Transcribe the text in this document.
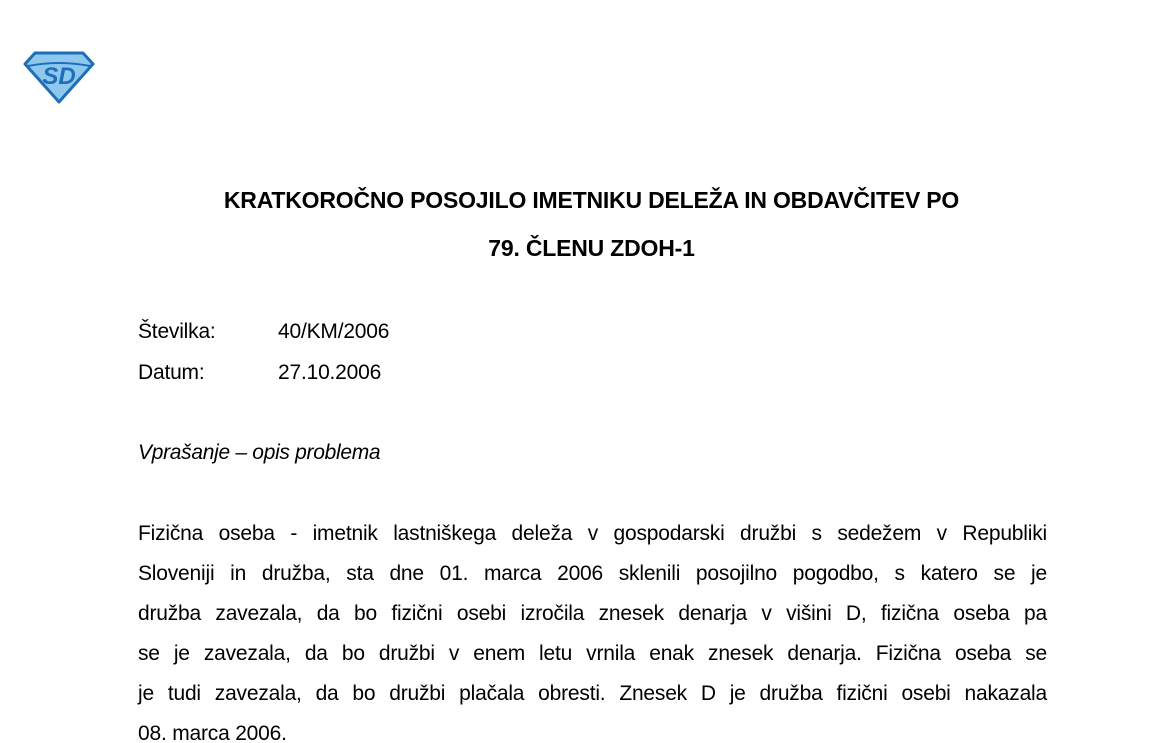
SD
KRATKOROČNO POSOJILO IMETNIKU DELEŽA IN OBDAVČITEV PO
79. ČLENU ZDOH-1
Številka:	40/KM/2006
Datum:	27.10.2006
Vprašanje – opis problema
Fizična oseba - imetnik lastniškega deleža v gospodarski družbi s sedežem v Republiki
Sloveniji in družba, sta dne 01. marca 2006 sklenili posojilno pogodbo, s katero se je
družba zavezala, da bo fizični osebi izročila znesek denarja v višini D, fizična oseba pa
se je zavezala, da bo družbi v enem letu vrnila enak znesek denarja. Fizična oseba se
je tudi zavezala, da bo družbi plačala obresti. Znesek D je družba fizični osebi nakazala
08. marca 2006.
